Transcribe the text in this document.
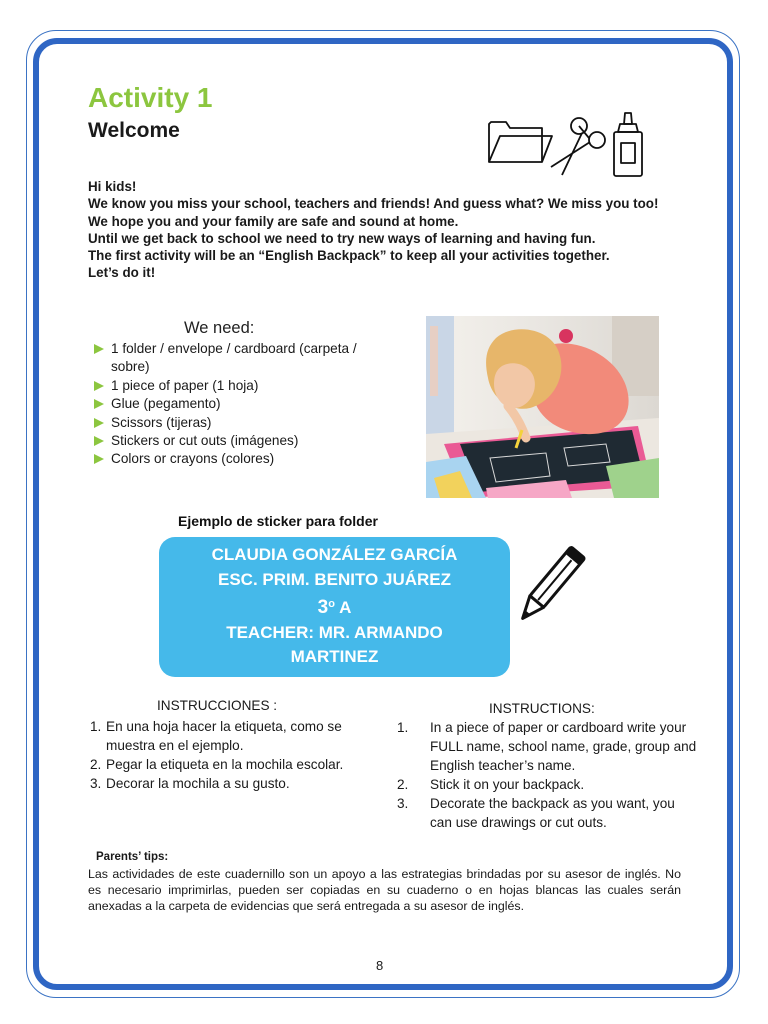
Activity 1
Welcome
Hi kids!
We know you miss your school, teachers and friends! And guess what? We miss you too!
We hope you and your family are safe and sound at home.
Until we get back to school we need to try new ways of learning and having fun.
The first activity will be an “English Backpack” to keep all your activities together.
Let’s do it!
We need:
1 folder / envelope / cardboard (carpeta / sobre)
1 piece of paper (1 hoja)
Glue (pegamento)
Scissors (tijeras)
Stickers or cut outs (imágenes)
Colors or crayons (colores)
Ejemplo de sticker para folder
CLAUDIA GONZÁLEZ GARCÍA
ESC. PRIM. BENITO JUÁREZ
3$^o$ A
TEACHER: MR. ARMANDO
MARTINEZ
INSTRUCCIONES :
1. En una hoja hacer la etiqueta, como se muestra en el ejemplo.
2. Pegar la etiqueta en la mochila escolar.
3. Decorar la mochila a su gusto.
INSTRUCTIONS:
1. In a piece of paper or cardboard write your FULL name, school name, grade, group and English teacher’s name.
2. Stick it on your backpack.
3. Decorate the backpack as you want, you can use drawings or cut outs.
Parents’ tips:
Las actividades de este cuadernillo son un apoyo a las estrategias brindadas por su asesor de inglés. No es necesario imprimirlas, pueden ser copiadas en su cuaderno o en hojas blancas las cuales serán anexadas a la carpeta de evidencias que será entregada a su asesor de inglés.
8
